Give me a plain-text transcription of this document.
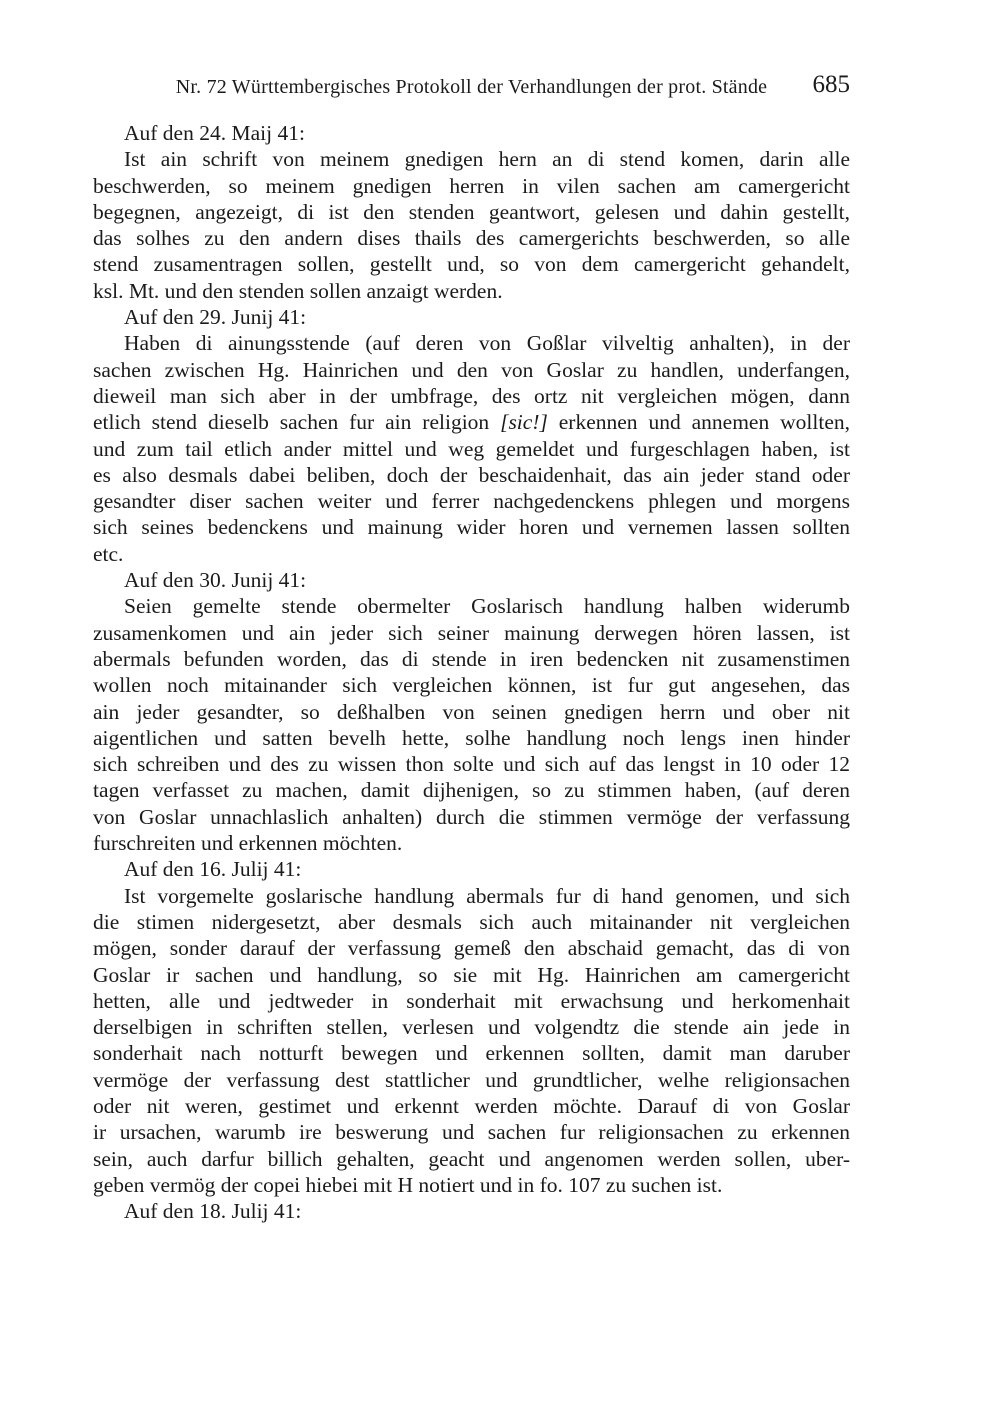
Nr. 72 Württembergisches Protokoll der Verhandlungen der prot. Stände	685
Auf den 24. Maij 41:
Ist ain schrift von meinem gnedigen hern an di stend komen, darin alle
beschwerden, so meinem gnedigen herren in vilen sachen am camergericht
begegnen, angezeigt, di ist den stenden geantwort, gelesen und dahin gestellt,
das solhes zu den andern dises thails des camergerichts beschwerden, so alle
stend zusamentragen sollen, gestellt und, so von dem camergericht gehandelt,
ksl. Mt. und den stenden sollen anzaigt werden.
Auf den 29. Junij 41:
Haben di ainungsstende (auf deren von Goßlar vilveltig anhalten), in der
sachen zwischen Hg. Hainrichen und den von Goslar zu handlen, underfangen,
dieweil man sich aber in der umbfrage, des ortz nit vergleichen mögen, dann
etlich stend dieselb sachen fur ain religion [sic!] erkennen und annemen wollten,
und zum tail etlich ander mittel und weg gemeldet und furgeschlagen haben, ist
es also desmals dabei beliben, doch der beschaidenhait, das ain jeder stand oder
gesandter diser sachen weiter und ferrer nachgedenckens phlegen und morgens
sich seines bedenckens und mainung wider horen und vernemen lassen sollten
etc.
Auf den 30. Junij 41:
Seien gemelte stende obermelter Goslarisch handlung halben widerumb
zusamenkomen und ain jeder sich seiner mainung derwegen hören lassen, ist
abermals befunden worden, das di stende in iren bedencken nit zusamenstimen
wollen noch mitainander sich vergleichen können, ist fur gut angesehen, das
ain jeder gesandter, so deßhalben von seinen gnedigen herrn und ober nit
aigentlichen und satten bevelh hette, solhe handlung noch lengs inen hinder
sich schreiben und des zu wissen thon solte und sich auf das lengst in 10 oder 12
tagen verfasset zu machen, damit dijhenigen, so zu stimmen haben, (auf deren
von Goslar unnachlaslich anhalten) durch die stimmen vermöge der verfassung
furschreiten und erkennen möchten.
Auf den 16. Julij 41:
Ist vorgemelte goslarische handlung abermals fur di hand genomen, und sich
die stimen nidergesetzt, aber desmals sich auch mitainander nit vergleichen
mögen, sonder darauf der verfassung gemeß den abschaid gemacht, das di von
Goslar ir sachen und handlung, so sie mit Hg. Hainrichen am camergericht
hetten, alle und jedtweder in sonderhait mit erwachsung und herkomenhait
derselbigen in schriften stellen, verlesen und volgendtz die stende ain jede in
sonderhait nach notturft bewegen und erkennen sollten, damit man daruber
vermöge der verfassung dest stattlicher und grundtlicher, welhe religionsachen
oder nit weren, gestimet und erkennt werden möchte. Darauf di von Goslar
ir ursachen, warumb ire beswerung und sachen fur religionsachen zu erkennen
sein, auch darfur billich gehalten, geacht und angenomen werden sollen, uber-
geben vermög der copei hiebei mit H notiert und in fo. 107 zu suchen ist.
Auf den 18. Julij 41:
